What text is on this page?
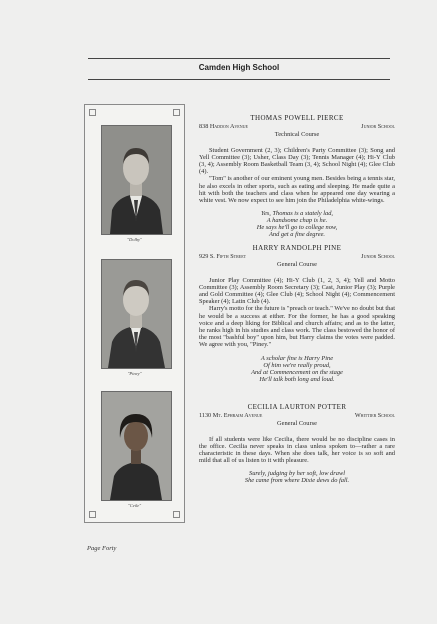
Camden High School
"Dolby"
"Piney"
"Ceile"
THOMAS POWELL PIERCE
838 Haddon Avenue	Junior School
Technical Course
Student Government (2, 3); Children's Party Committee (3); Song and Yell Committee (3); Usher, Class Day (3); Tennis Manager (4); Hi-Y Club (3, 4); Assembly Room Basketball Team (3, 4); School Night (4); Glee Club (4).
"Tom" is another of our eminent young men. Besides being a tennis star, he also excels in other sports, such as eating and sleeping. He made quite a hit with both the teachers and class when he appeared one day wearing a white vest. We now expect to see him join the Philadelphia white-wings.
Yes, Thomas is a stately lad,
A handsome chap is he.
He says he'll go to college now,
And get a fine degree.
HARRY RANDOLPH PINE
929 S. Fifth Street	Junior School
General Course
Junior Play Committee (4); Hi-Y Club (1, 2, 3, 4); Yell and Motto Committee (3); Assembly Room Secretary (3); Cast, Junior Play (3); Purple and Gold Committee (4); Glee Club (4); School Night (4); Commencement Speaker (4); Latin Club (4).
Harry's motto for the future is "preach or teach." We've no doubt but that he would be a success at either. For the former, he has a good speaking voice and a deep liking for Biblical and church affairs; and as to the latter, he ranks high in his studies and class work. The class bestowed the honor of the most "bashful boy" upon him, but Harry claims the votes were padded. We agree with you, "Piney."
A scholar fine is Harry Pine
Of him we're really proud,
And at Commencement on the stage
He'll talk both long and loud.
CECILIA LAURTON POTTER
1130 Mt. Ephraim Avenue	Whittier School
General Course
If all students were like Cecilia, there would be no discipline cases in the office. Cecilia never speaks in class unless spoken to—rather a rare characteristic in these days. When she does talk, her voice is so soft and mild that all of us listen to it with pleasure.
Surely, judging by her soft, low drawl
She came from where Dixie dews do fall.
Page Forty
